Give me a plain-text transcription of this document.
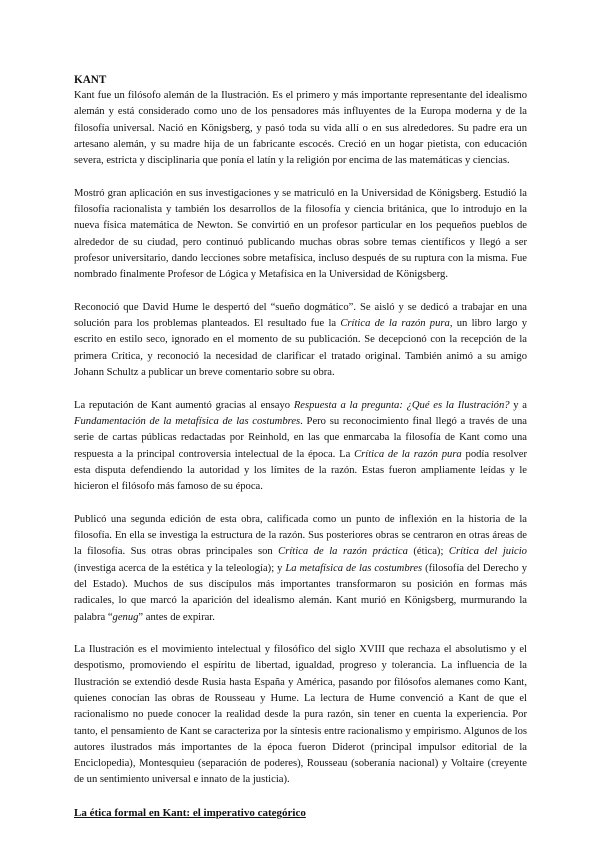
KANT

Kant fue un filósofo alemán de la Ilustración. Es el primero y más importante representante del idealismo alemán y está considerado como uno de los pensadores más influyentes de la Europa moderna y de la filosofía universal. Nació en Königsberg, y pasó toda su vida allí o en sus alrededores. Su padre era un artesano alemán, y su madre hija de un fabricante escocés. Creció en un hogar pietista, con educación severa, estricta y disciplinaria que ponía el latín y la religión por encima de las matemáticas y ciencias.

Mostró gran aplicación en sus investigaciones y se matriculó en la Universidad de Königsberg. Estudió la filosofía racionalista y también los desarrollos de la filosofía y ciencia británica, que lo introdujo en la nueva física matemática de Newton. Se convirtió en un profesor particular en los pequeños pueblos de alrededor de su ciudad, pero continuó publicando muchas obras sobre temas científicos y llegó a ser profesor universitario, dando lecciones sobre metafísica, incluso después de su ruptura con la misma. Fue nombrado finalmente Profesor de Lógica y Metafísica en la Universidad de Königsberg.

Reconoció que David Hume le despertó del “sueño dogmático”. Se aisló y se dedicó a trabajar en una solución para los problemas planteados. El resultado fue la Crítica de la razón pura, un libro largo y escrito en estilo seco, ignorado en el momento de su publicación. Se decepcionó con la recepción de la primera Crítica, y reconoció la necesidad de clarificar el tratado original. También animó a su amigo Johann Schultz a publicar un breve comentario sobre su obra.

La reputación de Kant aumentó gracias al ensayo Respuesta a la pregunta: ¿Qué es la Ilustración? y a Fundamentación de la metafísica de las costumbres. Pero su reconocimiento final llegó a través de una serie de cartas públicas redactadas por Reinhold, en las que enmarcaba la filosofía de Kant como una respuesta a la principal controversia intelectual de la época. La Crítica de la razón pura podía resolver esta disputa defendiendo la autoridad y los límites de la razón. Estas fueron ampliamente leídas y le hicieron el filósofo más famoso de su época.

Publicó una segunda edición de esta obra, calificada como un punto de inflexión en la historia de la filosofía. En ella se investiga la estructura de la razón. Sus posteriores obras se centraron en otras áreas de la filosofía. Sus otras obras principales son Crítica de la razón práctica (ética); Crítica del juicio (investiga acerca de la estética y la teleología); y La metafísica de las costumbres (filosofía del Derecho y del Estado). Muchos de sus discípulos más importantes transformaron su posición en formas más radicales, lo que marcó la aparición del idealismo alemán. Kant murió en Königsberg, murmurando la palabra “genug” antes de expirar.

La Ilustración es el movimiento intelectual y filosófico del siglo XVIII que rechaza el absolutismo y el despotismo, promoviendo el espíritu de libertad, igualdad, progreso y tolerancia. La influencia de la Ilustración se extendió desde Rusia hasta España y América, pasando por filósofos alemanes como Kant, quienes conocían las obras de Rousseau y Hume. La lectura de Hume convenció a Kant de que el racionalismo no puede conocer la realidad desde la pura razón, sin tener en cuenta la experiencia. Por tanto, el pensamiento de Kant se caracteriza por la síntesis entre racionalismo y empirismo. Algunos de los autores ilustrados más importantes de la época fueron Diderot (principal impulsor editorial de la Enciclopedia), Montesquieu (separación de poderes), Rousseau (soberanía nacional) y Voltaire (creyente de un sentimiento universal e innato de la justicia).

La ética formal en Kant: el imperativo categórico
